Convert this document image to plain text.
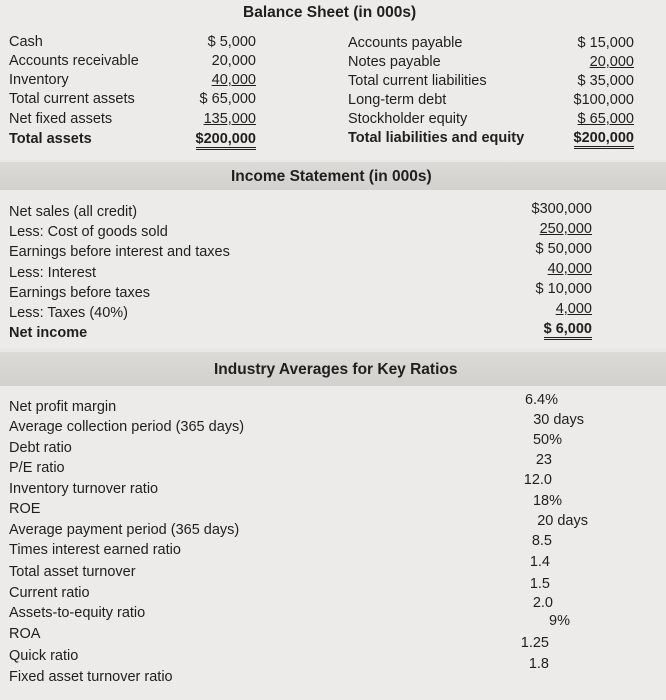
Balance Sheet (in 000s)
Cash
Accounts receivable
Inventory
Total current assets
Net fixed assets
Total assets
$ 5,000
20,000
40,000
$ 65,000
135,000
$200,000
Accounts payable
Notes payable
Total current liabilities
Long-term debt
Stockholder equity
Total liabilities and equity
$ 15,000
20,000
$ 35,000
$100,000
$ 65,000
$200,000
Income Statement (in 000s)
Net sales (all credit)
Less: Cost of goods sold
Earnings before interest and taxes
Less: Interest
Earnings before taxes
Less: Taxes (40%)
Net income
$300,000
250,000
$ 50,000
40,000
$ 10,000
4,000
$ 6,000
Industry Averages for Key Ratios
Net profit margin
Average collection period (365 days)
Debt ratio
P/E ratio
Inventory turnover ratio
ROE
Average payment period (365 days)
Times interest earned ratio
Total asset turnover
Current ratio
Assets-to-equity ratio
ROA
Quick ratio
Fixed asset turnover ratio
6.4%
30 days
50%
23
12.0
18%
20 days
8.5
1.4
1.5
2.0
9%
1.25
1.8
